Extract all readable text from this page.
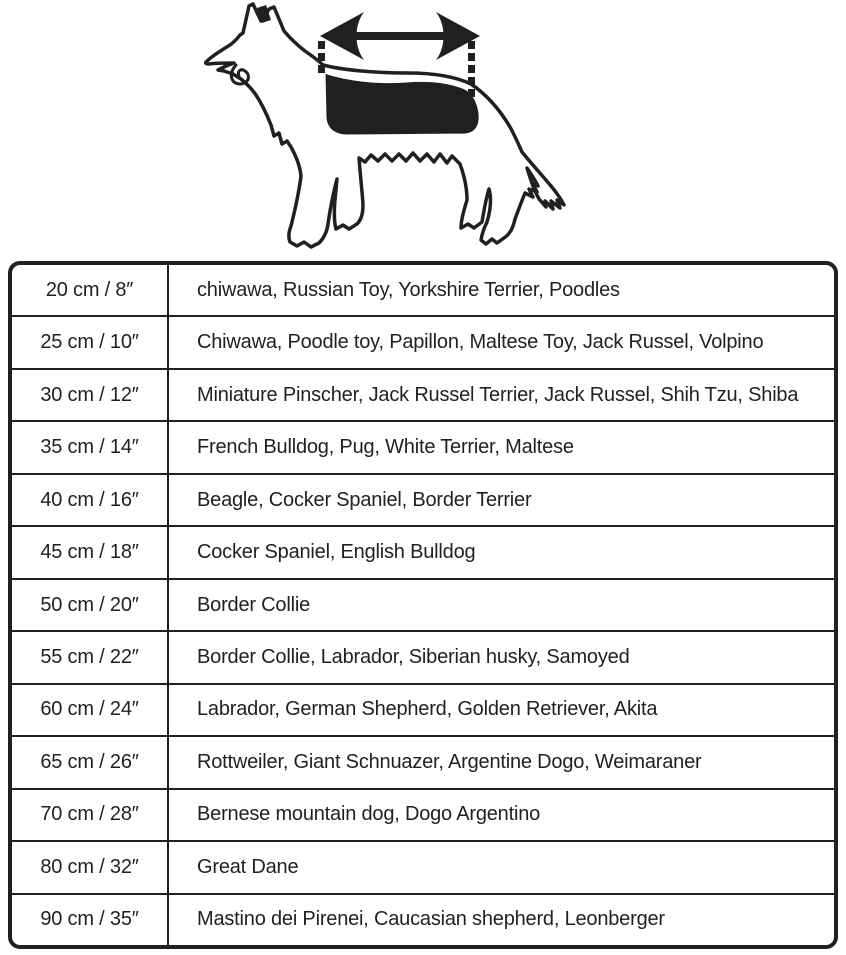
20 cm / 8″	chiwawa, Russian Toy, Yorkshire Terrier, Poodles
25 cm / 10″	Chiwawa, Poodle toy, Papillon, Maltese Toy, Jack Russel, Volpino
30 cm / 12″	Miniature Pinscher, Jack Russel Terrier, Jack Russel, Shih Tzu, Shiba
35 cm / 14″	French Bulldog, Pug, White Terrier, Maltese
40 cm / 16″	Beagle, Cocker Spaniel, Border Terrier
45 cm / 18″	Cocker Spaniel, English Bulldog
50 cm / 20″	Border Collie
55 cm / 22″	Border Collie, Labrador, Siberian husky, Samoyed
60 cm / 24″	Labrador, German Shepherd, Golden Retriever, Akita
65 cm / 26″	Rottweiler, Giant Schnuazer, Argentine Dogo, Weimaraner
70 cm / 28″	Bernese mountain dog, Dogo Argentino
80 cm / 32″	Great Dane
90 cm / 35″	Mastino dei Pirenei, Caucasian shepherd, Leonberger
